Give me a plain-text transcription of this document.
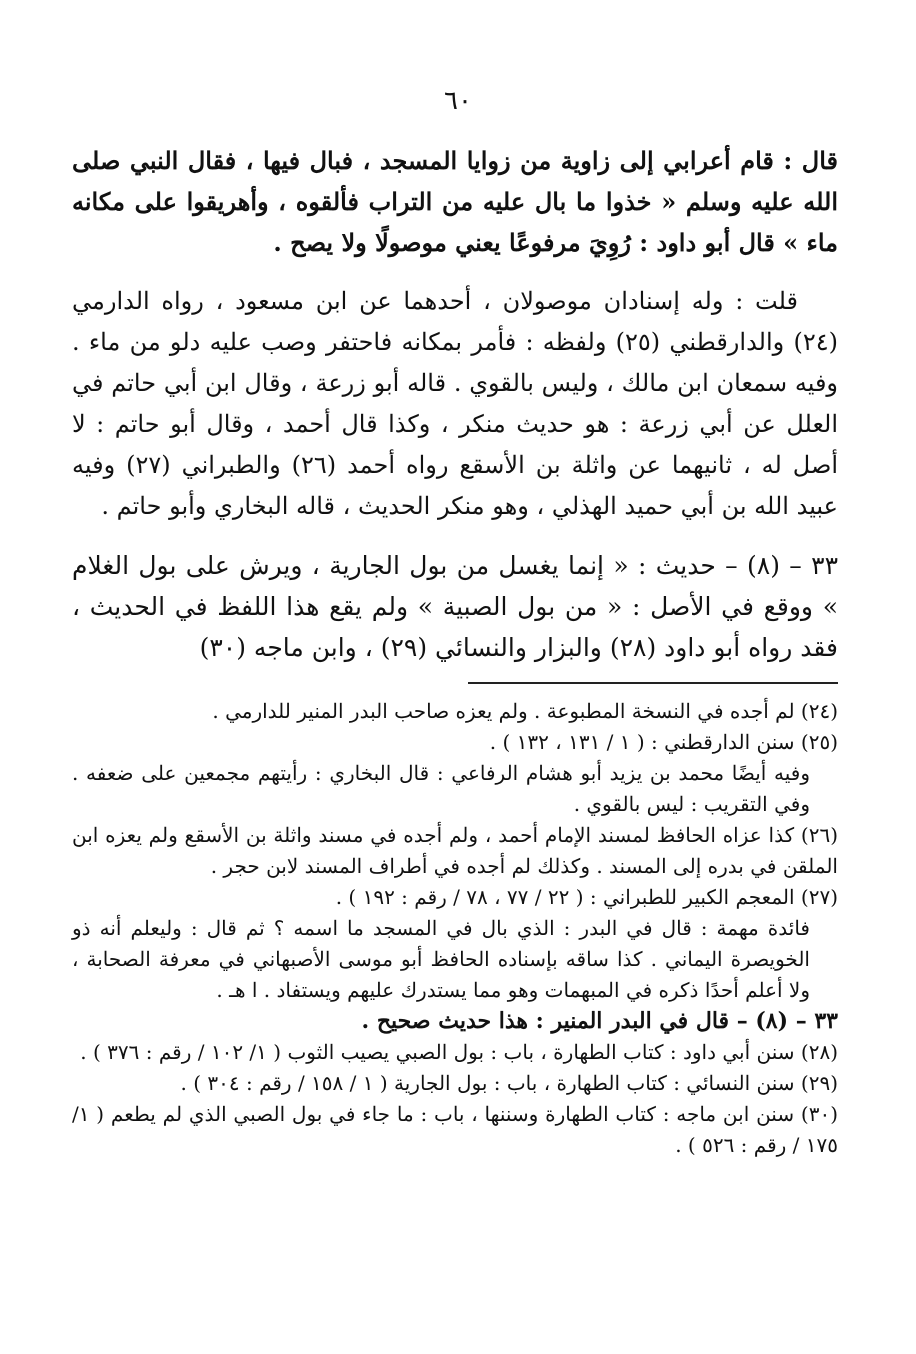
٦٠

قال : قام أعرابي إلى زاوية من زوايا المسجد ، فبال فيها ، فقال النبي صلى الله عليه وسلم « خذوا ما بال عليه من التراب فألقوه ، وأهريقوا على مكانه ماء » قال أبو داود : رُوِيَ مرفوعًا يعني موصولًا ولا يصح .

قلت : وله إسنادان موصولان ، أحدهما عن ابن مسعود ، رواه الدارمي (٢٤) والدارقطني (٢٥) ولفظه : فأمر بمكانه فاحتفر وصب عليه دلو من ماء . وفيه سمعان ابن مالك ، وليس بالقوي . قاله أبو زرعة ، وقال ابن أبي حاتم في العلل عن أبي زرعة : هو حديث منكر ، وكذا قال أحمد ، وقال أبو حاتم : لا أصل له ، ثانيهما عن واثلة بن الأسقع رواه أحمد (٢٦) والطبراني (٢٧) وفيه عبيد الله بن أبي حميد الهذلي ، وهو منكر الحديث ، قاله البخاري وأبو حاتم .

٣٣ – (٨) – حديث : « إنما يغسل من بول الجارية ، ويرش على بول الغلام » ووقع في الأصل : « من بول الصبية » ولم يقع هذا اللفظ في الحديث ، فقد رواه أبو داود (٢٨) والبزار والنسائي (٢٩) ، وابن ماجه (٣٠)

(٢٤) لم أجده في النسخة المطبوعة . ولم يعزه صاحب البدر المنير للدارمي .

(٢٥) سنن الدارقطني : ( ١ / ١٣١ ، ١٣٢ ) .

وفيه أيضًا محمد بن يزيد أبو هشام الرفاعي : قال البخاري : رأيتهم مجمعين على ضعفه . وفي التقريب : ليس بالقوي .

(٢٦) كذا عزاه الحافظ لمسند الإمام أحمد ، ولم أجده في مسند واثلة بن الأسقع ولم يعزه ابن الملقن في بدره إلى المسند . وكذلك لم أجده في أطراف المسند لابن حجر .

(٢٧) المعجم الكبير للطبراني : ( ٢٢ / ٧٧ ، ٧٨ / رقم : ١٩٢ ) .

فائدة مهمة : قال في البدر : الذي بال في المسجد ما اسمه ؟ ثم قال : وليعلم أنه ذو الخويصرة اليماني . كذا ساقه بإسناده الحافظ أبو موسى الأصبهاني في معرفة الصحابة ، ولا أعلم أحدًا ذكره في المبهمات وهو مما يستدرك عليهم ويستفاد . ا هـ .

٣٣ – (٨) – قال في البدر المنير : هذا حديث صحيح .

(٢٨) سنن أبي داود : كتاب الطهارة ، باب : بول الصبي يصيب الثوب ( ١/ ١٠٢ / رقم : ٣٧٦ ) .

(٢٩) سنن النسائي : كتاب الطهارة ، باب : بول الجارية ( ١ / ١٥٨ / رقم : ٣٠٤ ) .

(٣٠) سنن ابن ماجه : كتاب الطهارة وسننها ، باب : ما جاء في بول الصبي الذي لم يطعم ( ١/ ١٧٥ / رقم : ٥٢٦ ) .
